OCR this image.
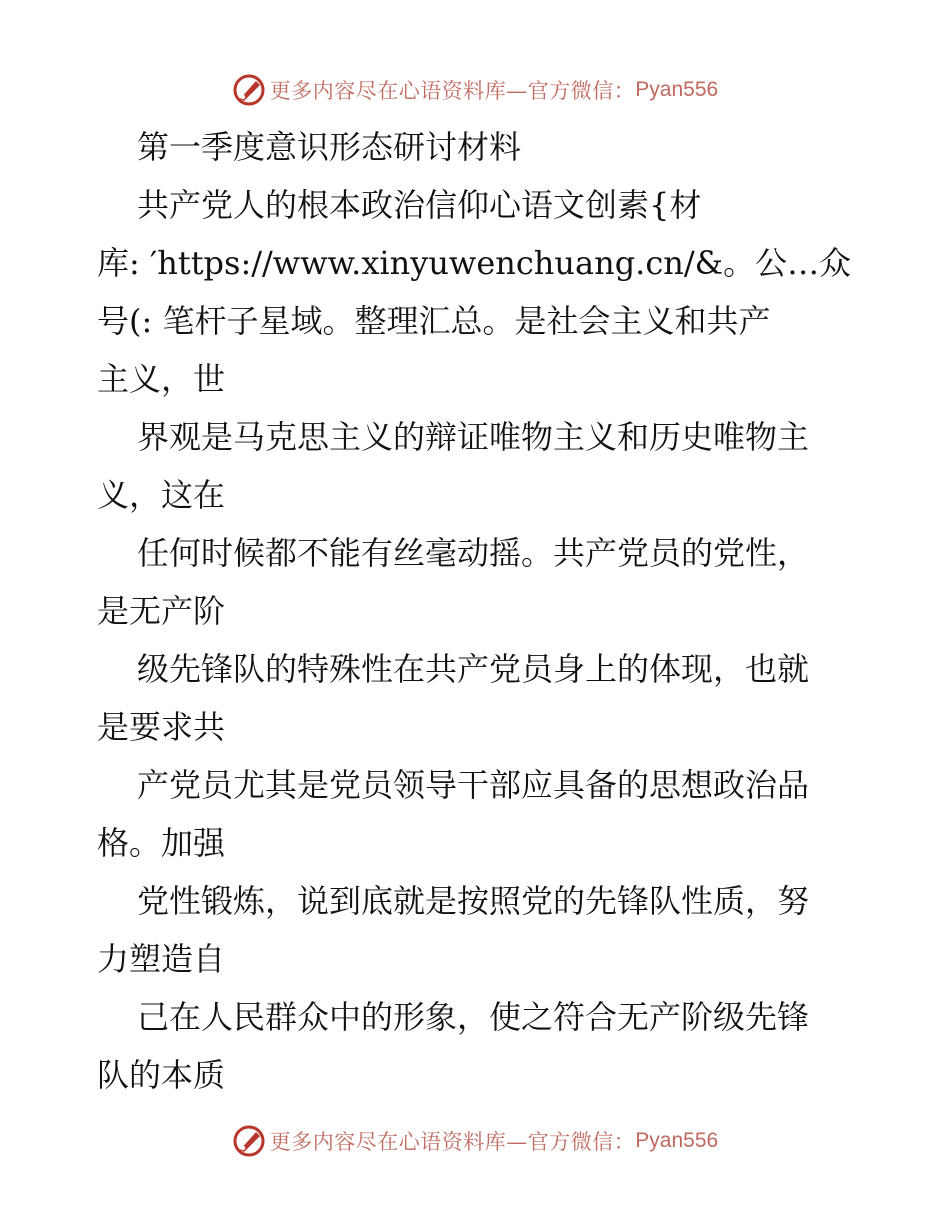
更多内容尽在心语资料库—官方微信： Pyan556
第一季度意识形态研讨材料
共产党人的根本政治信仰心语文创素{材
库: ′https://www.xinyuwenchuang.cn/&。公…众
号(: 笔杆子星域。整理汇总。是社会主义和共产
主义，世
界观是马克思主义的辩证唯物主义和历史唯物主
义，这在
任何时候都不能有丝毫动摇。共产党员的党性，
是无产阶
级先锋队的特殊性在共产党员身上的体现，也就
是要求共
产党员尤其是党员领导干部应具备的思想政治品
格。加强
党性锻炼，说到底就是按照党的先锋队性质，努
力塑造自
己在人民群众中的形象，使之符合无产阶级先锋
队的本质
更多内容尽在心语资料库—官方微信： Pyan556
